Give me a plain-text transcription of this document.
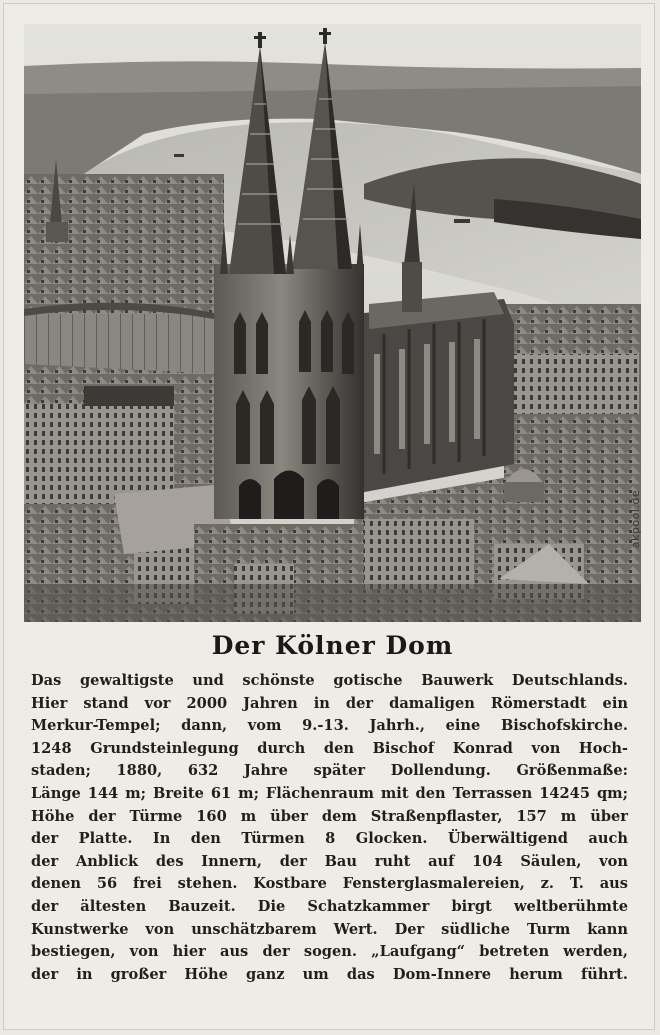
akpool.de
Der Kölner Dom
Das gewaltigste und schönste gotische Bauwerk Deutschlands.
Hier stand vor 2000 Jahren in der damaligen Römerstadt ein
Merkur-Tempel; dann, vom 9.-13. Jahrh., eine Bischofskirche.
1248 Grundsteinlegung durch den Bischof Konrad von Hoch-
staden; 1880, 632 Jahre später Dollendung. Größenmaße:
Länge 144 m; Breite 61 m; Flächenraum mit den Terrassen 14245 qm;
Höhe der Türme 160 m über dem Straßenpflaster, 157 m über
der Platte. In den Türmen 8 Glocken. Überwältigend auch
der Anblick des Innern, der Bau ruht auf 104 Säulen, von
denen 56 frei stehen. Kostbare Fensterglasmalereien, z. T. aus
der ältesten Bauzeit. Die Schatzkammer birgt weltberühmte
Kunstwerke von unschätzbarem Wert. Der südliche Turm kann
bestiegen, von hier aus der sogen. „Laufgang“ betreten werden,
der in großer Höhe ganz um das Dom-Innere herum führt.
